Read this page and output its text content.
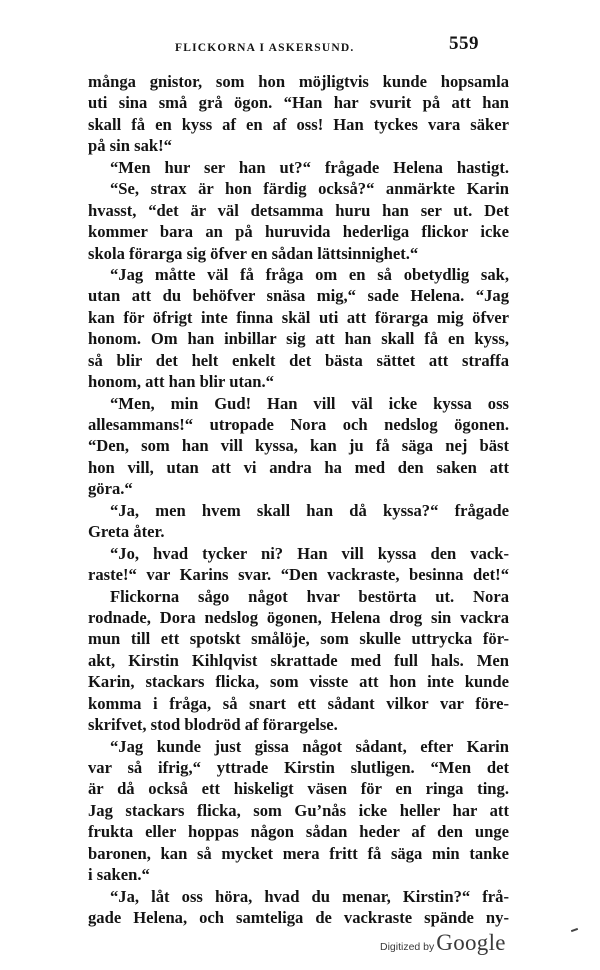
FLICKORNA I ASKERSUND.	559
många gnistor, som hon möjligtvis kunde hopsamla
uti sina små grå ögon. “Han har svurit på att han
skall få en kyss af en af oss! Han tyckes vara säker
på sin sak!“
“Men hur ser han ut?“ frågade Helena hastigt.
“Se, strax är hon färdig också?“ anmärkte Karin
hvasst, “det är väl detsamma huru han ser ut. Det
kommer bara an på huruvida hederliga flickor icke
skola förarga sig öfver en sådan lättsinnighet.“
“Jag måtte väl få fråga om en så obetydlig sak,
utan att du behöfver snäsa mig,“ sade Helena. “Jag
kan för öfrigt inte finna skäl uti att förarga mig öfver
honom. Om han inbillar sig att han skall få en kyss,
så blir det helt enkelt det bästa sättet att straffa
honom, att han blir utan.“
“Men, min Gud! Han vill väl icke kyssa oss
allesammans!“ utropade Nora och nedslog ögonen.
“Den, som han vill kyssa, kan ju få säga nej bäst
hon vill, utan att vi andra ha med den saken att
göra.“
“Ja, men hvem skall han då kyssa?“ frågade
Greta åter.
“Jo, hvad tycker ni? Han vill kyssa den vack-
raste!“ var Karins svar. “Den vackraste, besinna det!“
Flickorna sågo något hvar bestörta ut. Nora
rodnade, Dora nedslog ögonen, Helena drog sin vackra
mun till ett spotskt smålöje, som skulle uttrycka för-
akt, Kirstin Kihlqvist skrattade med full hals. Men
Karin, stackars flicka, som visste att hon inte kunde
komma i fråga, så snart ett sådant vilkor var före-
skrifvet, stod blodröd af förargelse.
“Jag kunde just gissa något sådant, efter Karin
var så ifrig,“ yttrade Kirstin slutligen. “Men det
är då också ett hiskeligt väsen för en ringa ting.
Jag stackars flicka, som Gu’nås icke heller har att
frukta eller hoppas någon sådan heder af den unge
baronen, kan så mycket mera fritt få säga min tanke
i saken.“
“Ja, låt oss höra, hvad du menar, Kirstin?“ frå-
gade Helena, och samteliga de vackraste spände ny-
Digitized by Google
